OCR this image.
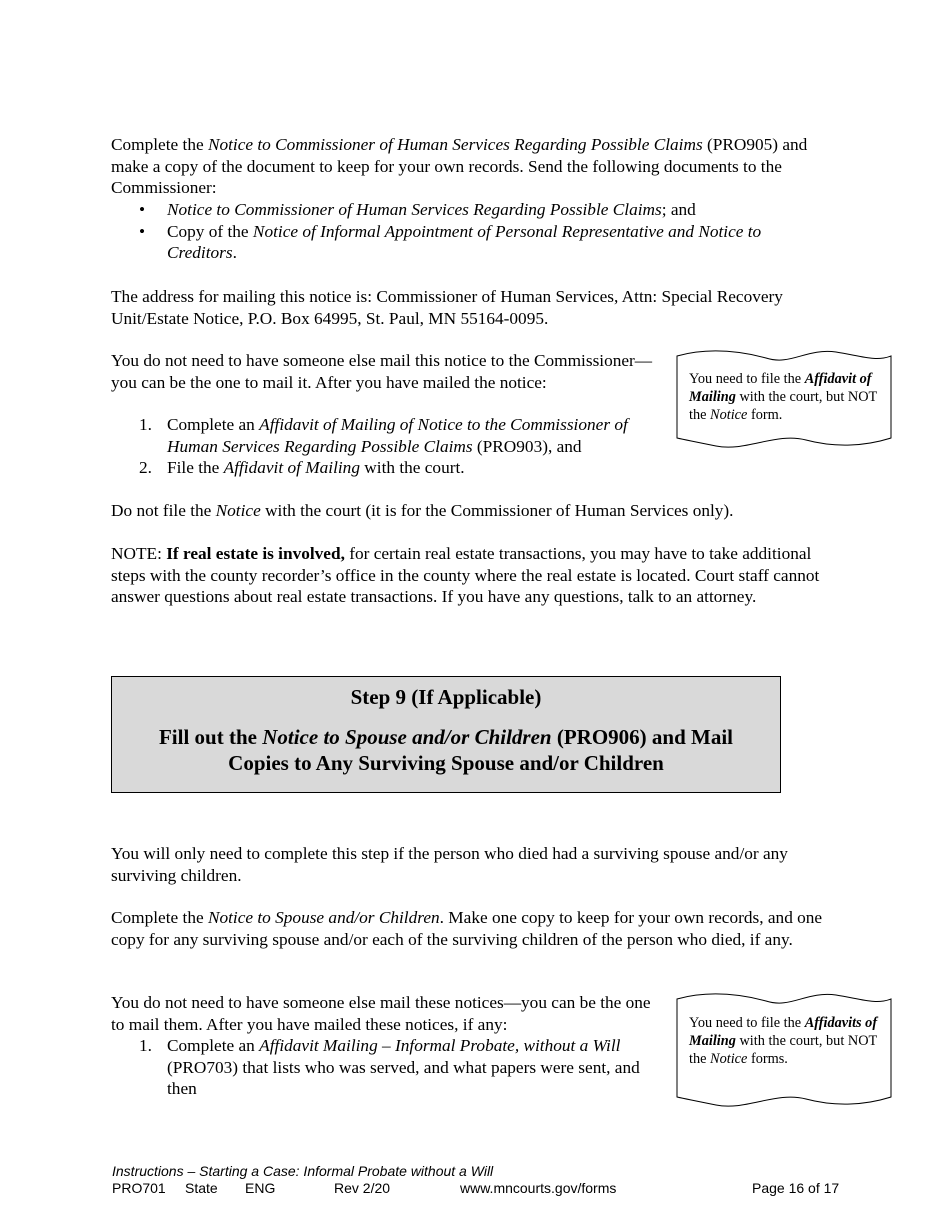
Complete the Notice to Commissioner of Human Services Regarding Possible Claims (PRO905) and make a copy of the document to keep for your own records. Send the following documents to the Commissioner:

• Notice to Commissioner of Human Services Regarding Possible Claims; and
• Copy of the Notice of Informal Appointment of Personal Representative and Notice to Creditors.

The address for mailing this notice is: Commissioner of Human Services, Attn: Special Recovery Unit/Estate Notice, P.O. Box 64995, St. Paul, MN 55164-0095.

You do not need to have someone else mail this notice to the Commissioner—you can be the one to mail it. After you have mailed the notice:

1. Complete an Affidavit of Mailing of Notice to the Commissioner of Human Services Regarding Possible Claims (PRO903), and
2. File the Affidavit of Mailing with the court.

You need to file the Affidavit of Mailing with the court, but NOT the Notice form.

Do not file the Notice with the court (it is for the Commissioner of Human Services only).

NOTE: If real estate is involved, for certain real estate transactions, you may have to take additional steps with the county recorder’s office in the county where the real estate is located. Court staff cannot answer questions about real estate transactions. If you have any questions, talk to an attorney.

Step 9 (If Applicable)
Fill out the Notice to Spouse and/or Children (PRO906) and Mail Copies to Any Surviving Spouse and/or Children

You will only need to complete this step if the person who died had a surviving spouse and/or any surviving children.

Complete the Notice to Spouse and/or Children. Make one copy to keep for your own records, and one copy for any surviving spouse and/or each of the surviving children of the person who died, if any.

You do not need to have someone else mail these notices—you can be the one to mail them. After you have mailed these notices, if any:

1. Complete an Affidavit Mailing – Informal Probate, without a Will (PRO703) that lists who was served, and what papers were sent, and then

You need to file the Affidavits of Mailing with the court, but NOT the Notice forms.

Instructions – Starting a Case: Informal Probate without a Will
PRO701 State ENG	Rev 2/20	www.mncourts.gov/forms	Page 16 of 17
